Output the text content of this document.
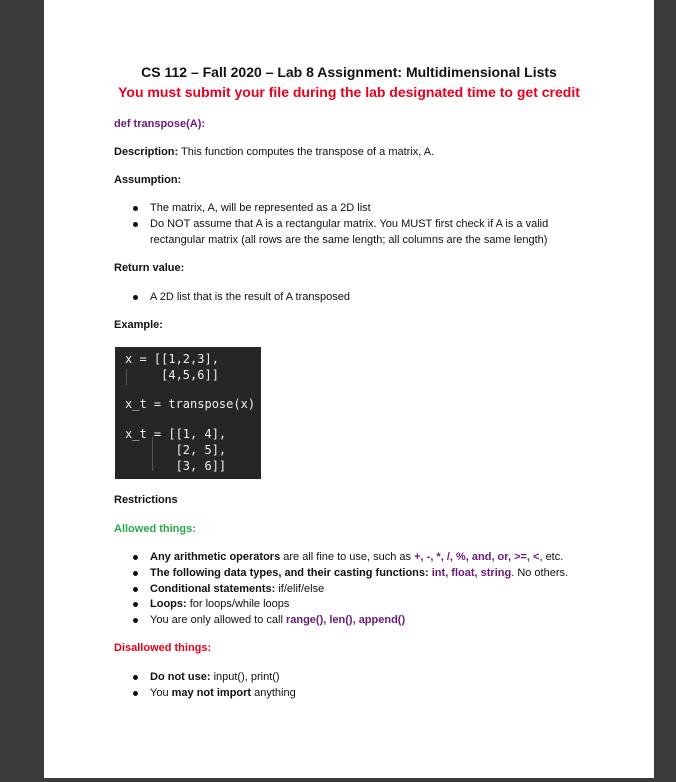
CS 112 – Fall 2020 – Lab 8 Assignment: Multidimensional Lists
You must submit your file during the lab designated time to get credit
def transpose(A):
Description: This function computes the transpose of a matrix, A.
Assumption:
The matrix, A, will be represented as a 2D list
Do NOT assume that A is a rectangular matrix. You MUST first check if A is a valid
rectangular matrix (all rows are the same length; all columns are the same length)
Return value:
A 2D list that is the result of A transposed
Example:
x = [[1,2,3],
[4,5,6]]
x_t = transpose(x)
x_t = [[1, 4],
[2, 5],
[3, 6]]
Restrictions
Allowed things:
Any arithmetic operators are all fine to use, such as +, -, *, /, %, and, or, >=, <, etc.
The following data types, and their casting functions: int, float, string. No others.
Conditional statements: if/elif/else
Loops: for loops/while loops
You are only allowed to call range(), len(), append()
Disallowed things:
Do not use: input(), print()
You may not import anything
